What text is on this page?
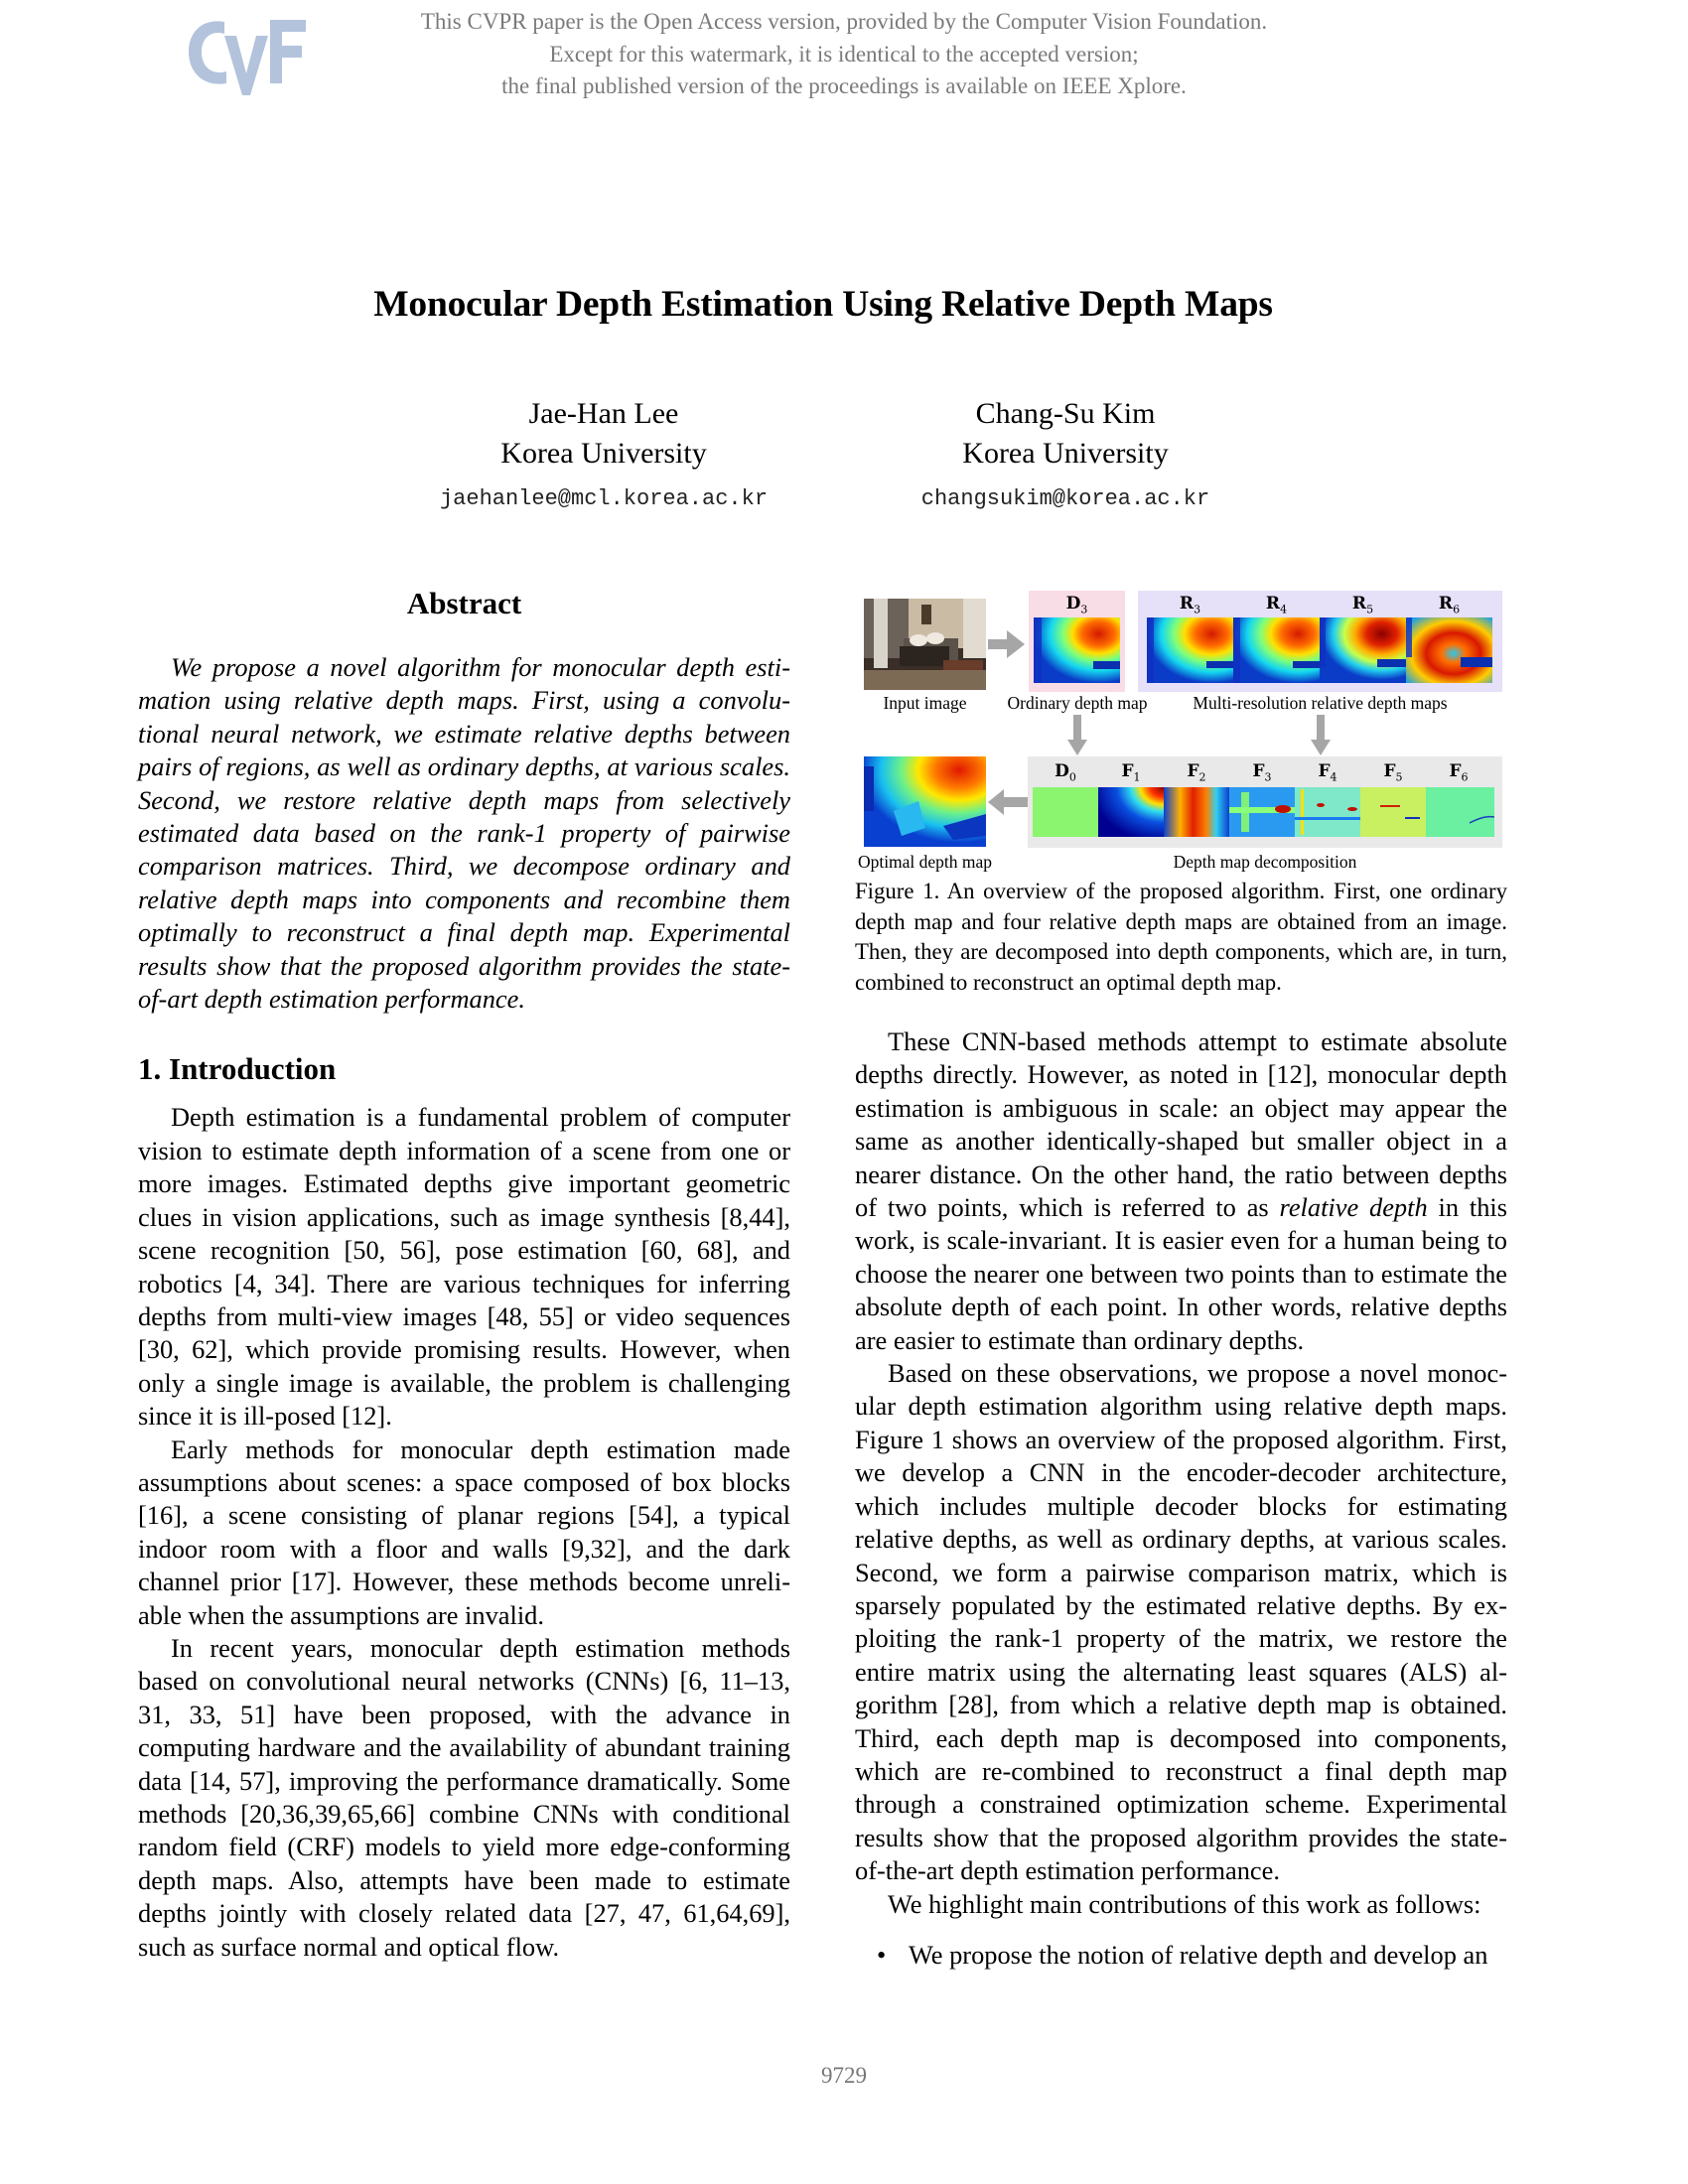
This CVPR paper is the Open Access version, provided by the Computer Vision Foundation.
Except for this watermark, it is identical to the accepted version;
the final published version of the proceedings is available on IEEE Xplore.
Monocular Depth Estimation Using Relative Depth Maps
Jae-Han Lee
Korea University
jaehanlee@mcl.korea.ac.kr
Chang-Su Kim
Korea University
changsukim@korea.ac.kr
Abstract

We propose a novel algorithm for monocular depth estimation using relative depth maps. First, using a convolutional neural network, we estimate relative depths between pairs of regions, as well as ordinary depths, at various scales. Second, we restore relative depth maps from selectively estimated data based on the rank-1 property of pairwise comparison matrices. Third, we decompose ordinary and relative depth maps into components and recombine them optimally to reconstruct a final depth map. Experimental results show that the proposed algorithm provides the state-of-art depth estimation performance.

1. Introduction

Depth estimation is a fundamental problem of computer vision to estimate depth information of a scene from one or more images. Estimated depths give important geometric clues in vision applications, such as image synthesis [8,44], scene recognition [50, 56], pose estimation [60, 68], and robotics [4, 34]. There are various techniques for inferring depths from multi-view images [48, 55] or video sequences [30, 62], which provide promising results. However, when only a single image is available, the problem is challenging since it is ill-posed [12].

Early methods for monocular depth estimation made assumptions about scenes: a space composed of box blocks [16], a scene consisting of planar regions [54], a typical indoor room with a floor and walls [9,32], and the dark channel prior [17]. However, these methods become unreliable when the assumptions are invalid.

In recent years, monocular depth estimation methods based on convolutional neural networks (CNNs) [6, 11–13, 31, 33, 51] have been proposed, with the advance in computing hardware and the availability of abundant training data [14, 57], improving the performance dramatically. Some methods [20,36,39,65,66] combine CNNs with conditional random field (CRF) models to yield more edge-conforming depth maps. Also, attempts have been made to estimate depths jointly with closely related data [27, 47, 61,64,69], such as surface normal and optical flow.

$D_3$	$R_3$	$R_4$	$R_5$	$R_6$
Input image	Ordinary depth map	Multi-resolution relative depth maps
Optimal depth map
$D_0$	$F_1$	$F_2$	$F_3$	$F_4$	$F_5$	$F_6$
Depth map decomposition
Figure 1. An overview of the proposed algorithm. First, one ordinary depth map and four relative depth maps are obtained from an image. Then, they are decomposed into depth components, which are, in turn, combined to reconstruct an optimal depth map.

These CNN-based methods attempt to estimate absolute depths directly. However, as noted in [12], monocular depth estimation is ambiguous in scale: an object may appear the same as another identically-shaped but smaller object in a nearer distance. On the other hand, the ratio between depths of two points, which is referred to as relative depth in this work, is scale-invariant. It is easier even for a human being to choose the nearer one between two points than to estimate the absolute depth of each point. In other words, relative depths are easier to estimate than ordinary depths.

Based on these observations, we propose a novel monocular depth estimation algorithm using relative depth maps. Figure 1 shows an overview of the proposed algorithm. First, we develop a CNN in the encoder-decoder architecture, which includes multiple decoder blocks for estimating relative depths, as well as ordinary depths, at various scales. Second, we form a pairwise comparison matrix, which is sparsely populated by the estimated relative depths. By exploiting the rank-1 property of the matrix, we restore the entire matrix using the alternating least squares (ALS) algorithm [28], from which a relative depth map is obtained. Third, each depth map is decomposed into components, which are re-combined to reconstruct a final depth map through a constrained optimization scheme. Experimental results show that the proposed algorithm provides the state-of-the-art depth estimation performance.

We highlight main contributions of this work as follows:

• We propose the notion of relative depth and develop an
9729
